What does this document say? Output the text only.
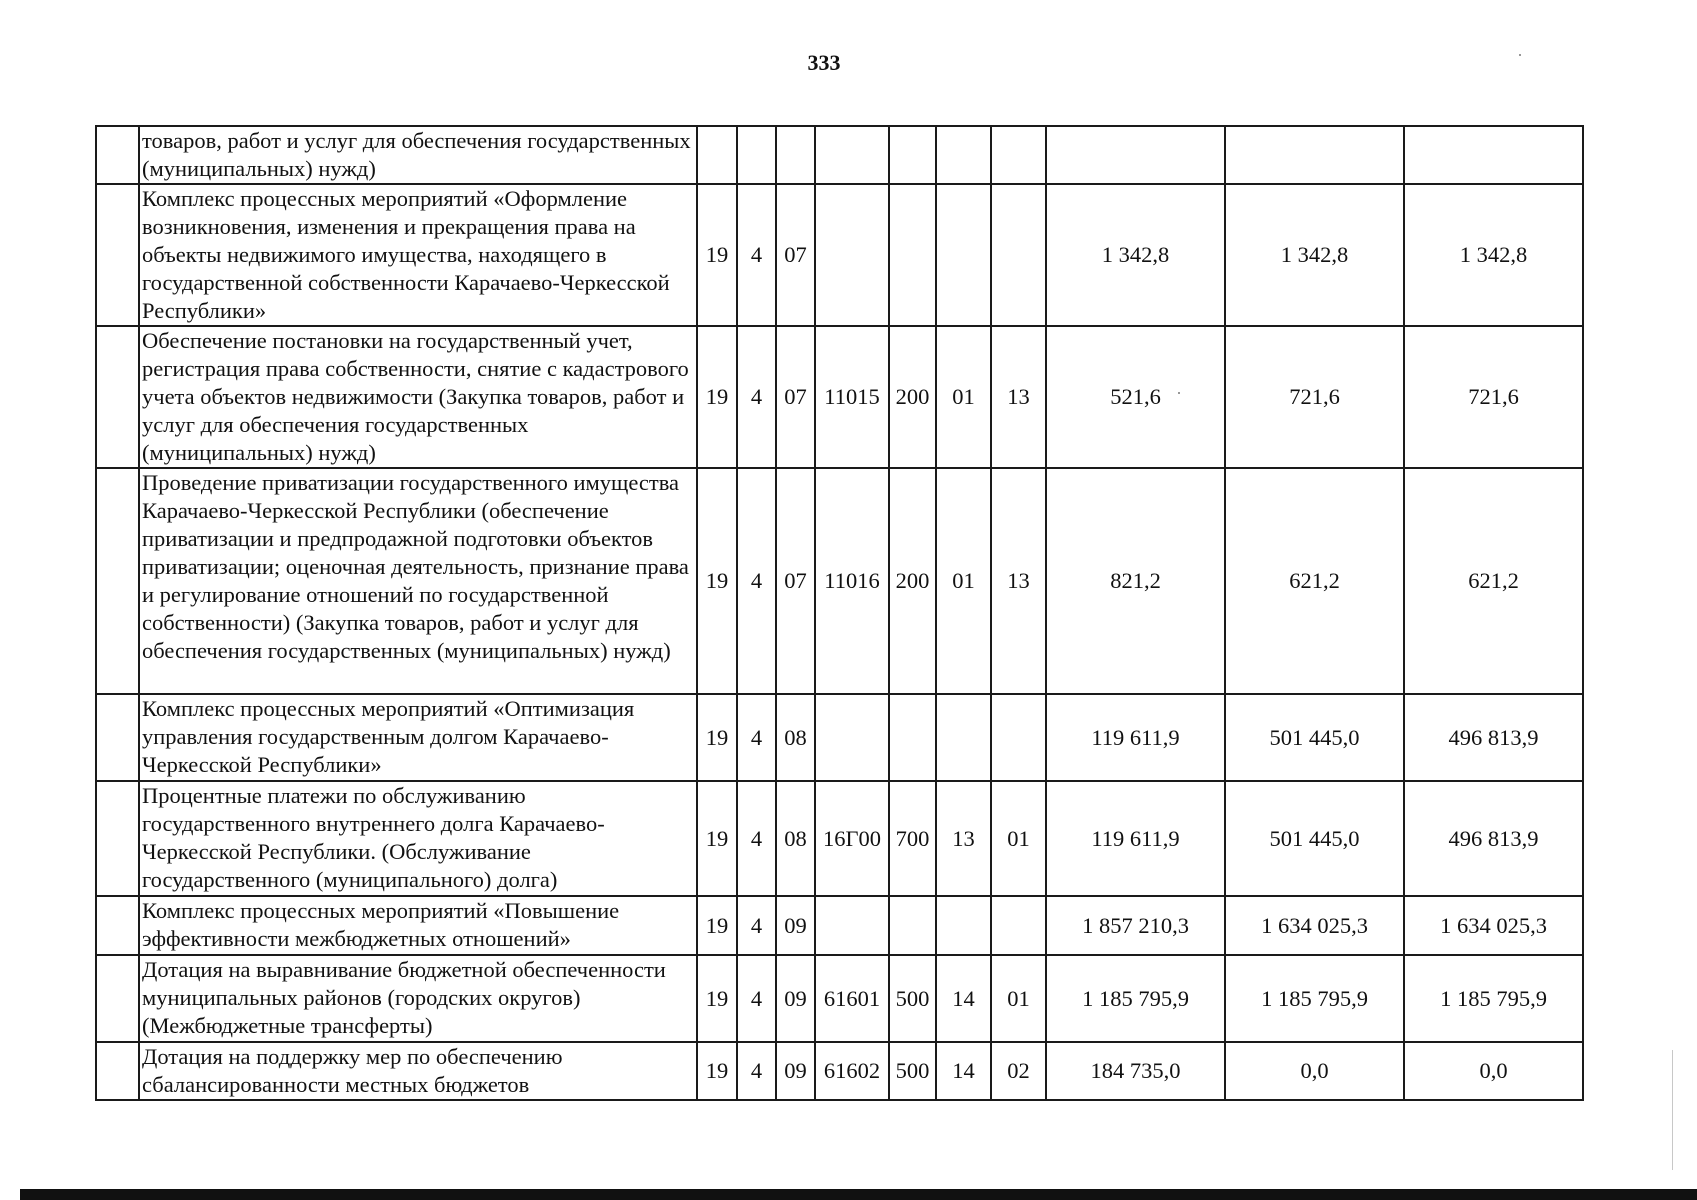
333
	товаров, работ и услуг для обеспечения государственных (муниципальных) нужд)										
	Комплекс процессных мероприятий «Оформление возникновения, изменения и прекращения права на объекты недвижимого имущества, находящего в государственной собственности Карачаево-Черкесской Республики»	19	4	07					1 342,8	1 342,8	1 342,8
	Обеспечение постановки на государственный учет, регистрация права собственности, снятие с кадастрового учета объектов недвижимости (Закупка товаров, работ и услуг для обеспечения государственных (муниципальных) нужд)	19	4	07	11015	200	01	13	521,6	721,6	721,6
	Проведение приватизации государственного имущества Карачаево-Черкесской Республики (обеспечение приватизации и предпродажной подготовки объектов приватизации; оценочная деятельность, признание права и регулирование отношений по государственной собственности) (Закупка товаров, работ и услуг для обеспечения государственных (муниципальных) нужд)	19	4	07	11016	200	01	13	821,2	621,2	621,2
	Комплекс процессных мероприятий «Оптимизация управления государственным долгом Карачаево-Черкесской Республики»	19	4	08					119 611,9	501 445,0	496 813,9
	Процентные платежи по обслуживанию государственного внутреннего долга Карачаево-Черкесской Республики. (Обслуживание государственного (муниципального) долга)	19	4	08	16Г00	700	13	01	119 611,9	501 445,0	496 813,9
	Комплекс процессных мероприятий «Повышение эффективности межбюджетных отношений»	19	4	09					1 857 210,3	1 634 025,3	1 634 025,3
	Дотация на выравнивание бюджетной обеспеченности муниципальных районов (городских округов) (Межбюджетные трансферты)	19	4	09	61601	500	14	01	1 185 795,9	1 185 795,9	1 185 795,9
	Дотация на поддержку мер по обеспечению сбалансированности местных бюджетов	19	4	09	61602	500	14	02	184 735,0	0,0	0,0
